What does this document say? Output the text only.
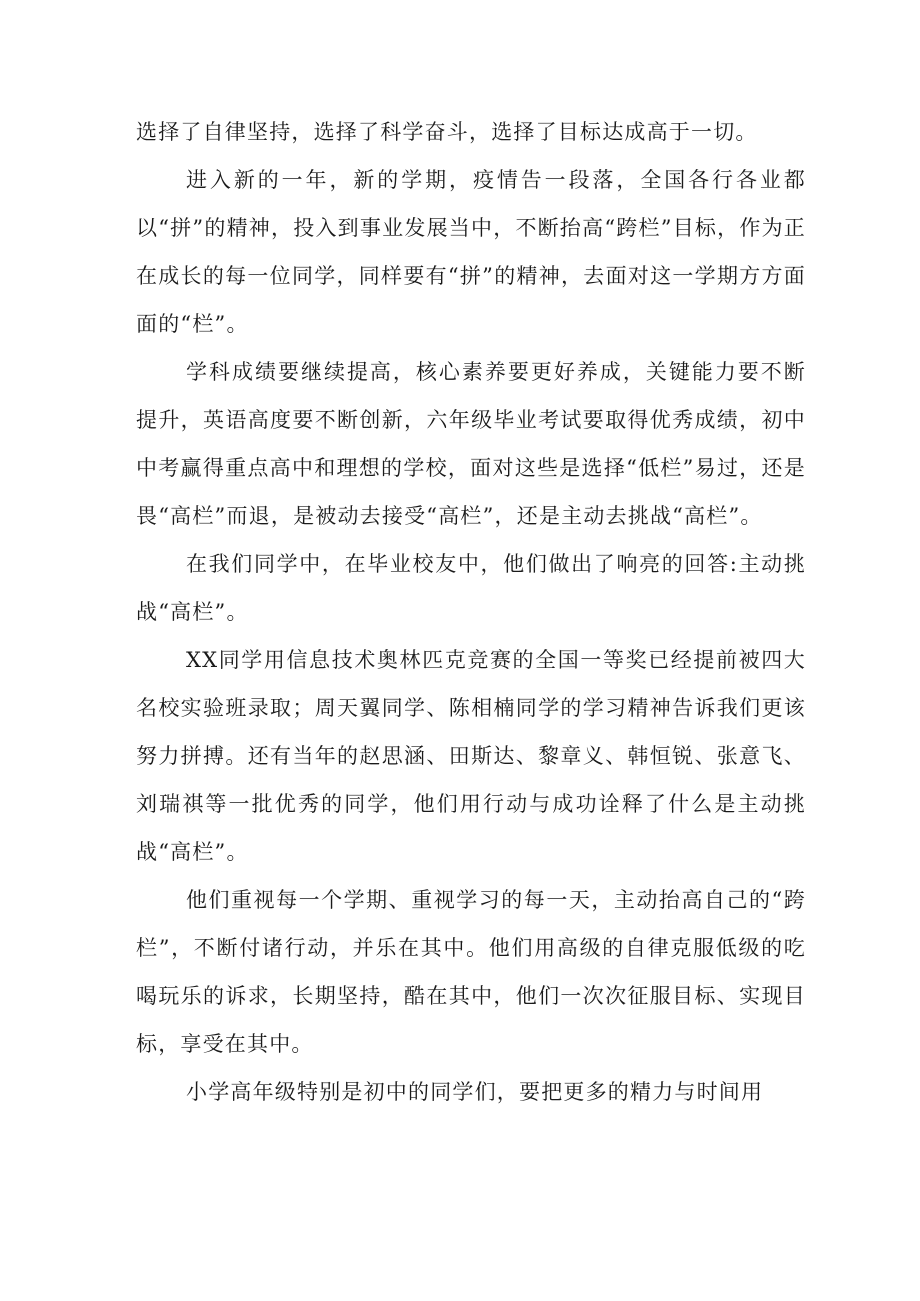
选择了自律坚持，选择了科学奋斗，选择了目标达成高于一切。

进入新的一年，新的学期，疫情告一段落，全国各行各业都以“拼”的精神，投入到事业发展当中，不断抬高“跨栏”目标，作为正在成长的每一位同学，同样要有“拼”的精神，去面对这一学期方方面面的“栏”。

学科成绩要继续提高，核心素养要更好养成，关键能力要不断提升，英语高度要不断创新，六年级毕业考试要取得优秀成绩，初中中考赢得重点高中和理想的学校，面对这些是选择“低栏”易过，还是畏“高栏”而退，是被动去接受“高栏”，还是主动去挑战“高栏”。

在我们同学中，在毕业校友中，他们做出了响亮的回答:主动挑战“高栏”。

XX同学用信息技术奥林匹克竞赛的全国一等奖已经提前被四大名校实验班录取；周天翼同学、陈相楠同学的学习精神告诉我们更该努力拼搏。还有当年的赵思涵、田斯达、黎章义、韩恒锐、张意飞、刘瑞祺等一批优秀的同学，他们用行动与成功诠释了什么是主动挑战“高栏”。

他们重视每一个学期、重视学习的每一天，主动抬高自己的“跨栏”，不断付诸行动，并乐在其中。他们用高级的自律克服低级的吃喝玩乐的诉求，长期坚持，酷在其中，他们一次次征服目标、实现目标，享受在其中。

小学高年级特别是初中的同学们，要把更多的精力与时间用
